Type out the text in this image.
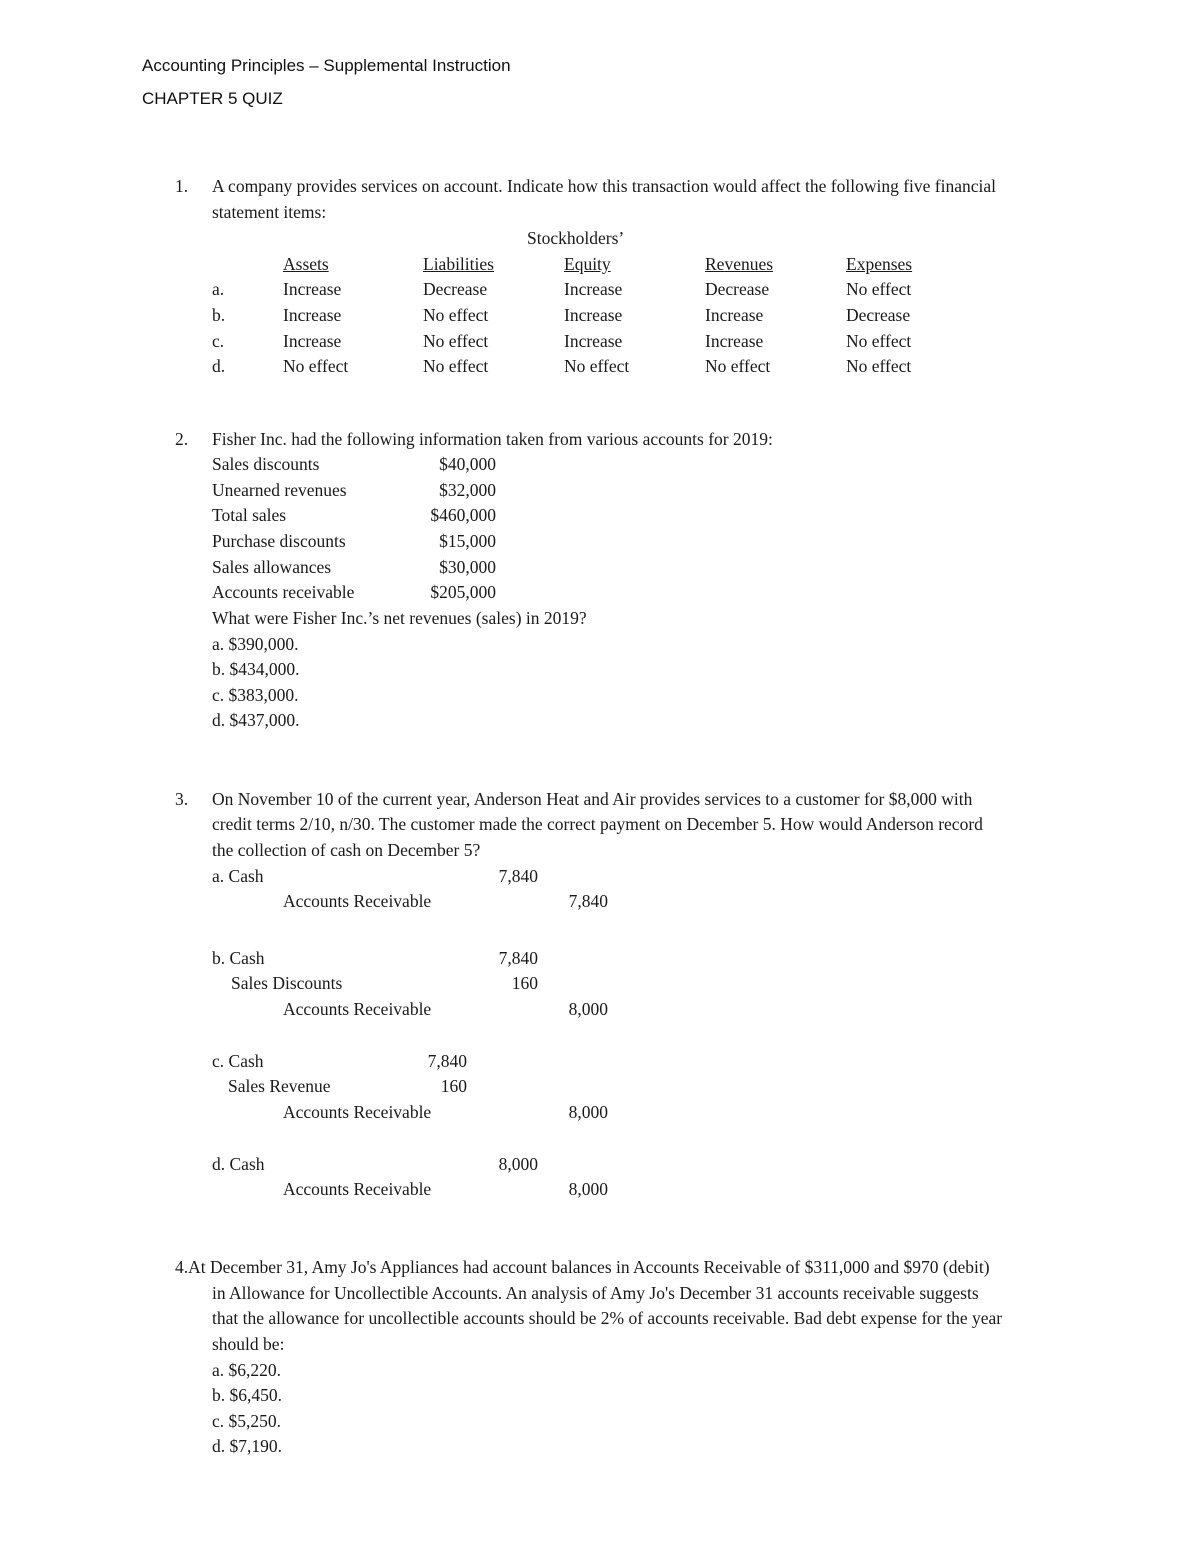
Accounting Principles – Supplemental Instruction
CHAPTER 5 QUIZ
1. A company provides services on account. Indicate how this transaction would affect the following five financial
statement items:
Stockholders’
Assets	Liabilities	Equity	Revenues	Expenses
a.	Increase	Decrease	Increase	Decrease	No effect
b.	Increase	No effect	Increase	Increase	Decrease
c.	Increase	No effect	Increase	Increase	No effect
d.	No effect	No effect	No effect	No effect	No effect
2. Fisher Inc. had the following information taken from various accounts for 2019:
Sales discounts	$40,000
Unearned revenues	$32,000
Total sales	$460,000
Purchase discounts	$15,000
Sales allowances	$30,000
Accounts receivable	$205,000
What were Fisher Inc.’s net revenues (sales) in 2019?
a. $390,000.
b. $434,000.
c. $383,000.
d. $437,000.
3. On November 10 of the current year, Anderson Heat and Air provides services to a customer for $8,000 with
credit terms 2/10, n/30. The customer made the correct payment on December 5. How would Anderson record
the collection of cash on December 5?
a. Cash	7,840
Accounts Receivable	7,840
b. Cash	7,840
Sales Discounts	160
Accounts Receivable	8,000
c. Cash	7,840
Sales Revenue	160
Accounts Receivable	8,000
d. Cash	8,000
Accounts Receivable	8,000
4.At December 31, Amy Jo's Appliances had account balances in Accounts Receivable of $311,000 and $970 (debit)
in Allowance for Uncollectible Accounts. An analysis of Amy Jo's December 31 accounts receivable suggests
that the allowance for uncollectible accounts should be 2% of accounts receivable. Bad debt expense for the year
should be:
a. $6,220.
b. $6,450.
c. $5,250.
d. $7,190.
